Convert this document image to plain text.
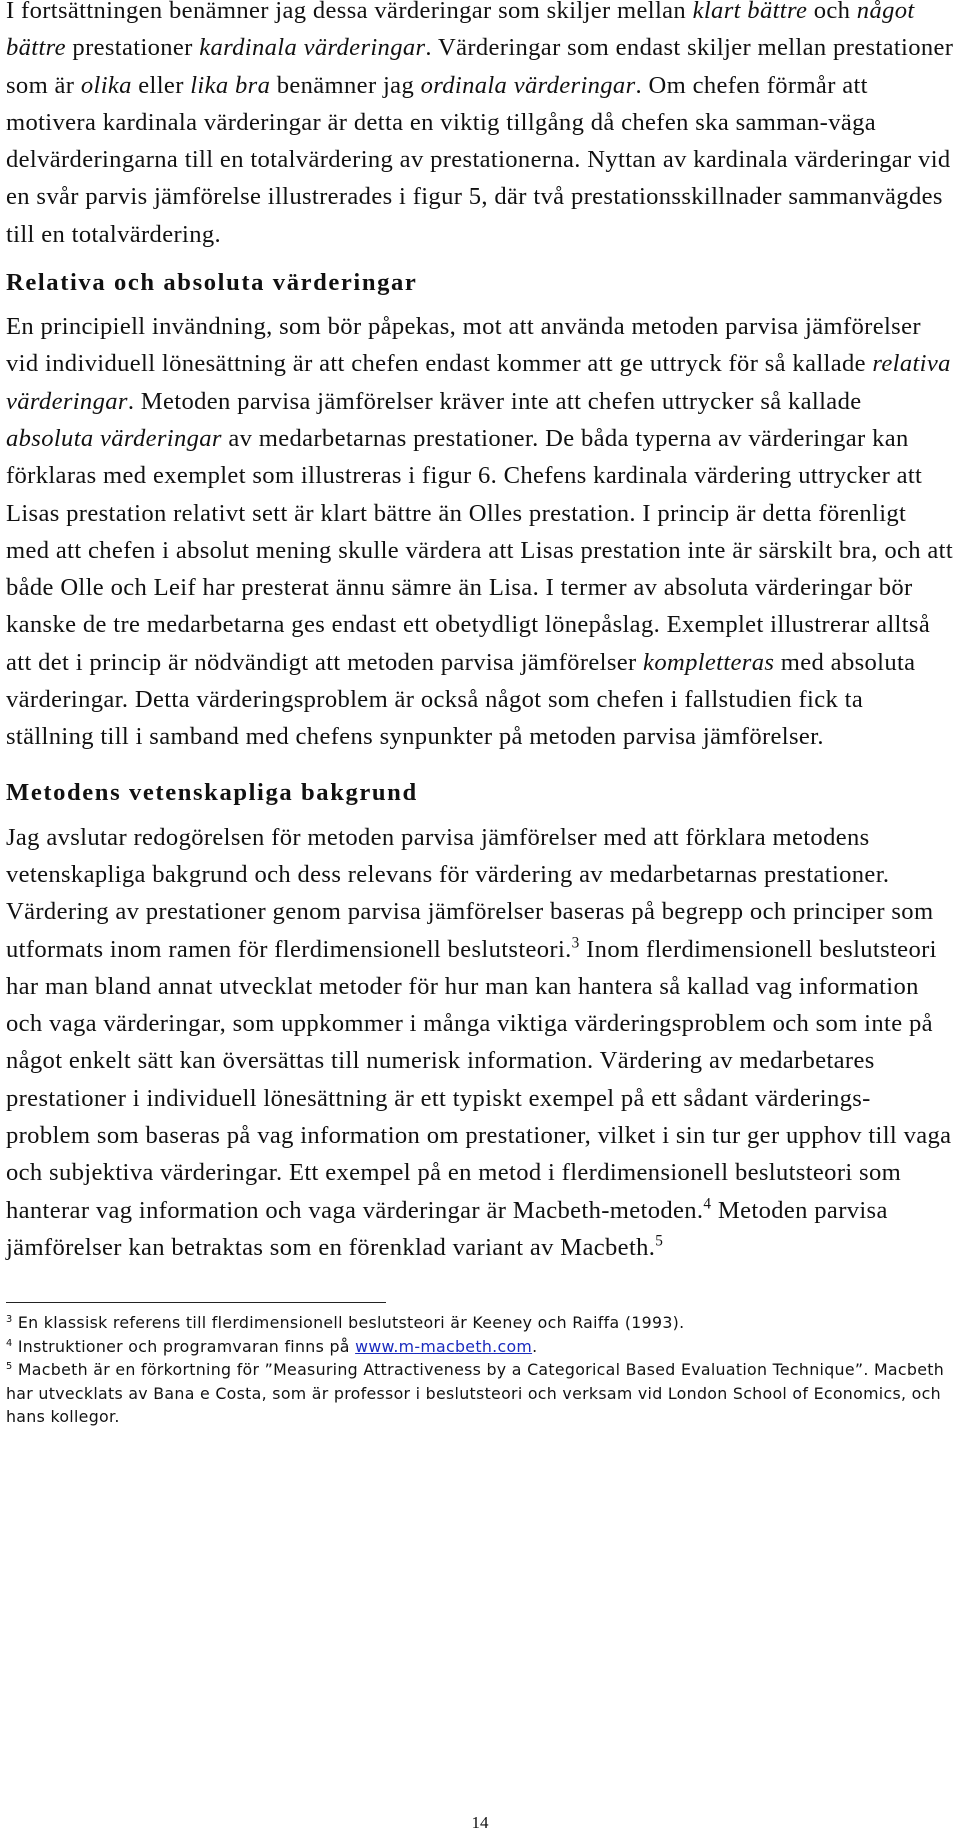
I fortsättningen benämner jag dessa värderingar som skiljer mellan klart bättre och något bättre prestationer kardinala värderingar. Värderingar som endast skiljer mellan prestationer som är olika eller lika bra benämner jag ordinala värderingar. Om chefen förmår att motivera kardinala värderingar är detta en viktig tillgång då chefen ska samman-väga delvärderingarna till en totalvärdering av prestationerna. Nyttan av kardinala värderingar vid en svår parvis jämförelse illustrerades i figur 5, där två prestationsskillnader sammanvägdes till en totalvärdering.

Relativa och absoluta värderingar

En principiell invändning, som bör påpekas, mot att använda metoden parvisa jämförelser vid individuell lönesättning är att chefen endast kommer att ge uttryck för så kallade relativa värderingar. Metoden parvisa jämförelser kräver inte att chefen uttrycker så kallade absoluta värderingar av medarbetarnas prestationer. De båda typerna av värderingar kan förklaras med exemplet som illustreras i figur 6. Chefens kardinala värdering uttrycker att Lisas prestation relativt sett är klart bättre än Olles prestation. I princip är detta förenligt med att chefen i absolut mening skulle värdera att Lisas prestation inte är särskilt bra, och att både Olle och Leif har presterat ännu sämre än Lisa. I termer av absoluta värderingar bör kanske de tre medarbetarna ges endast ett obetydligt lönepåslag. Exemplet illustrerar alltså att det i princip är nödvändigt att metoden parvisa jämförelser kompletteras med absoluta värderingar. Detta värderingsproblem är också något som chefen i fallstudien fick ta ställning till i samband med chefens synpunkter på metoden parvisa jämförelser.

Metodens vetenskapliga bakgrund

Jag avslutar redogörelsen för metoden parvisa jämförelser med att förklara metodens vetenskapliga bakgrund och dess relevans för värdering av medarbetarnas prestationer. Värdering av prestationer genom parvisa jämförelser baseras på begrepp och principer som utformats inom ramen för flerdimensionell beslutsteori.$^3$ Inom flerdimensionell beslutsteori har man bland annat utvecklat metoder för hur man kan hantera så kallad vag information och vaga värderingar, som uppkommer i många viktiga värderingsproblem och som inte på något enkelt sätt kan översättas till numerisk information. Värdering av medarbetares prestationer i individuell lönesättning är ett typiskt exempel på ett sådant värderings-problem som baseras på vag information om prestationer, vilket i sin tur ger upphov till vaga och subjektiva värderingar. Ett exempel på en metod i flerdimensionell beslutsteori som hanterar vag information och vaga värderingar är Macbeth-metoden.$^4$ Metoden parvisa jämförelser kan betraktas som en förenklad variant av Macbeth.$^5$

$^3$ En klassisk referens till flerdimensionell beslutsteori är Keeney och Raiffa (1993).

$^4$ Instruktioner och programvaran finns på www.m-macbeth.com.

$^5$ Macbeth är en förkortning för ”Measuring Attractiveness by a Categorical Based Evaluation Technique”. Macbeth har utvecklats av Bana e Costa, som är professor i beslutsteori och verksam vid London School of Economics, och hans kollegor.

14
